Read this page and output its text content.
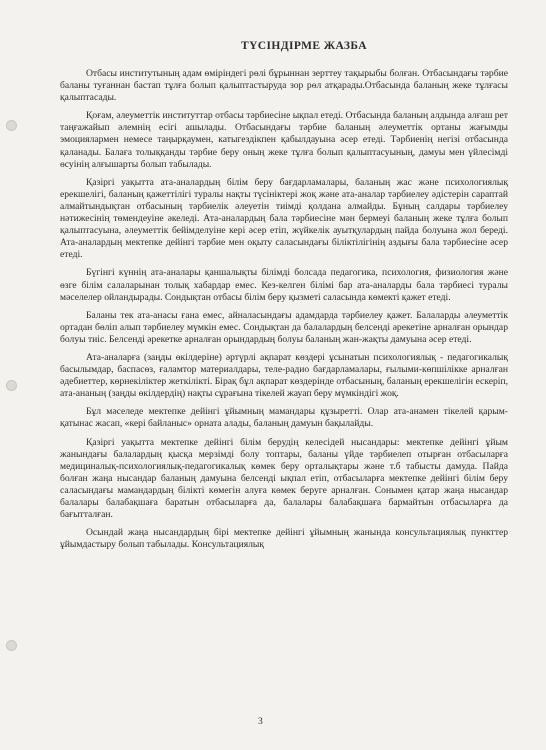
ТҮСІНДІРМЕ ЖАЗБА

Отбасы институтының адам өміріндегі рөлі бұрыннан зерттеу тақырыбы болған. Отбасындағы тәрбие баланы туғаннан бастап тұлға болып қалыптастыруда зор рөл атқарады.Отбасында баланың жеке тұлғасы қалыптасады.

Қоғам, әлеуметтік институттар отбасы тәрбиесіне ықпал етеді. Отбасында баланың алдында алғаш рет таңғажайып әлемнің есігі ашылады. Отбасындағы тәрбие баланың әлеуметтік ортаны жағымды эмоциялармен немесе таңырқаумен, катыгездікпен қабылдауына әсер етеді. Тәрбиенің негізі отбасында қаланады. Балаға толыққанды тәрбие беру оның жеке тұлға болып қалыптасуының, дамуы мен үйлесімді өсуінің алғышарты болып табылады.

Қазіргі уақытта ата-аналардың білім беру бағдарламалары, баланың жас және психологиялық ерекшелігі, баланың қажеттілігі туралы нақты түсініктері жоқ және ата-аналар тәрбиелеу әдістерін сараптай алмайтындықтан отбасының тәрбиелік әлеуетін тиімді қолдана алмайды. Бұның салдары тәрбиелеу нәтижесінің төмендеуіне әкеледі. Ата-аналардың бала тәрбиесіне мән бермеуі баланың жеке тұлға болып қалыптасуына, әлеуметтік бейімделуіне кері әсер етіп, жүйкелік ауытқулардың пайда болуына жол береді. Ата-аналардың мектепке дейінгі тәрбие мен оқыту саласындағы біліктілігінің аздығы бала тәрбиесіне әсер етеді.

Бүгінгі күннің ата-аналары қаншалықты білімді болсада педагогика, психология, физиология және өзге білім салаларынан толық хабардар емес. Кез-келген білімі бар ата-аналарды бала тәрбиесі туралы мәселелер ойландырады. Сондықтан отбасы білім беру қызметі саласында көмекті қажет етеді.

Баланы тек ата-анасы ғана емес, айналасындағы адамдарда тәрбиелеу қажет. Балаларды әлеуметтік ортадан бөліп алып тәрбиелеу мүмкін емес. Сондықтан да балалардың белсенді әрекетіне арналған орындар болуы тиіс. Белсенді әрекетке арналған орындардың болуы баланың жан-жақты дамуына әсер етеді.

Ата-аналарға (заңды өкілдеріне) әртүрлі ақпарат көздері ұсынатын психологиялық - педагогикалық басылымдар, баспасөз, ғаламтор материалдары, теле-радио бағдарламалары, ғылыми-көпшілікке арналған әдебиеттер, көрнекіліктер жеткілікті. Бірақ бұл ақпарат көздерінде отбасының, баланың ерекшелігін ескеріп, ата-ананың (заңды өкілдердің) нақты сұрағына тікелей жауап беру мүмкіндігі жоқ.

Бұл мәселеде мектепке дейінгі ұйымның мамандары құзыретті. Олар ата-анамен тікелей қарым-қатынас жасап, «кері байланыс» орната алады, баланың дамуын бақылайды.

Қазіргі уақытта мектепке дейінгі білім берудің келесідей нысандары: мектепке дейінгі ұйым жанындағы балалардың қысқа мерзімді болу топтары, баланы үйде тәрбиелеп отырған отбасыларға медициналық-психологиялық-педагогикалық көмек беру орталықтары және т.б табысты дамуда. Пайда болған жаңа нысандар баланың дамуына белсенді ықпал етіп, отбасыларға мектепке дейінгі білім беру саласындағы мамандардың білікті көмегін алуға көмек беруге арналған. Сонымен қатар жаңа нысандар балалары балабақшаға баратын отбасыларға да, балалары балабақшаға бармайтын отбасыларға да бағытталған.

Осындай жаңа нысандардың бірі мектепке дейінгі ұйымның жанында консультациялық пункттер ұйымдастыру болып табылады. Консультациялық

3
